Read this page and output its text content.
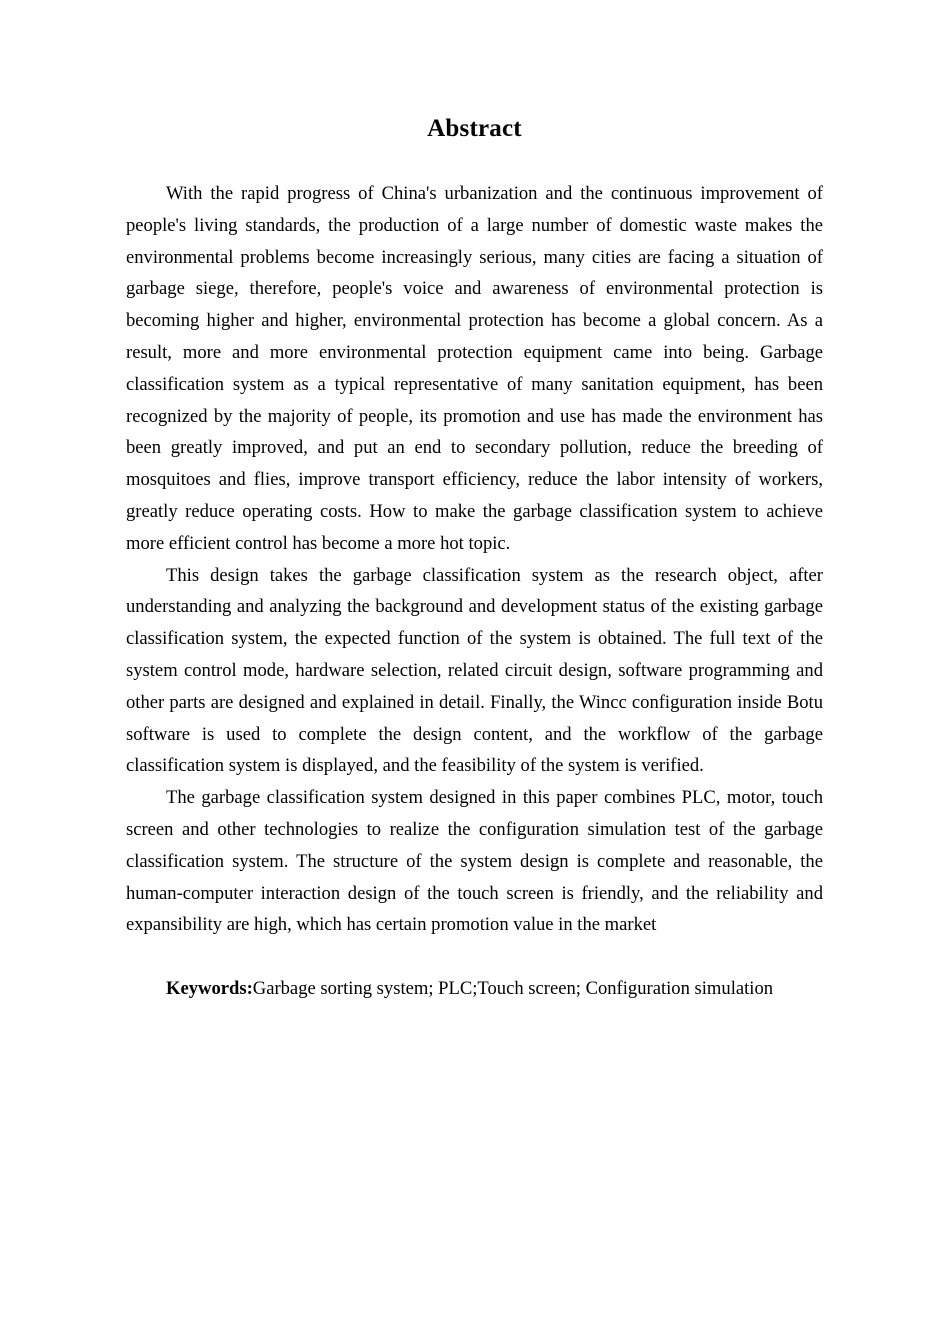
Abstract

With the rapid progress of China's urbanization and the continuous improvement of people's living standards, the production of a large number of domestic waste makes the environmental problems become increasingly serious, many cities are facing a situation of garbage siege, therefore, people's voice and awareness of environmental protection is becoming higher and higher, environmental protection has become a global concern. As a result, more and more environmental protection equipment came into being. Garbage classification system as a typical representative of many sanitation equipment, has been recognized by the majority of people, its promotion and use has made the environment has been greatly improved, and put an end to secondary pollution, reduce the breeding of mosquitoes and flies, improve transport efficiency, reduce the labor intensity of workers, greatly reduce operating costs. How to make the garbage classification system to achieve more efficient control has become a more hot topic.

This design takes the garbage classification system as the research object, after understanding and analyzing the background and development status of the existing garbage classification system, the expected function of the system is obtained. The full text of the system control mode, hardware selection, related circuit design, software programming and other parts are designed and explained in detail. Finally, the Wincc configuration inside Botu software is used to complete the design content, and the workflow of the garbage classification system is displayed, and the feasibility of the system is verified.

The garbage classification system designed in this paper combines PLC, motor, touch screen and other technologies to realize the configuration simulation test of the garbage classification system. The structure of the system design is complete and reasonable, the human-computer interaction design of the touch screen is friendly, and the reliability and expansibility are high, which has certain promotion value in the market

Keywords:Garbage sorting system; PLC;Touch screen; Configuration simulation
